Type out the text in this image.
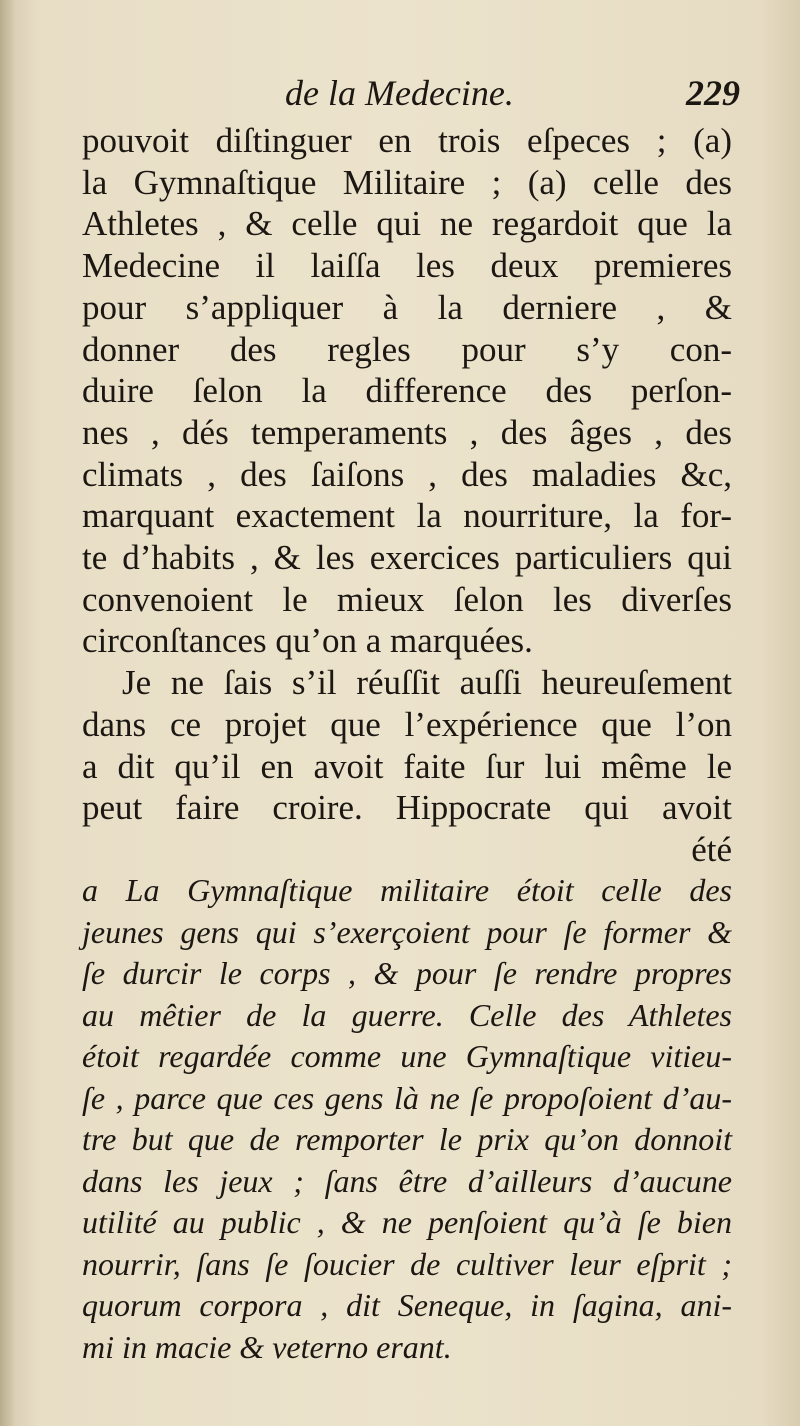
de la Medecine.	229
pouvoit diſtinguer en trois eſpeces ; (a)
la Gymnaſtique Militaire ; (a) celle des
Athletes , & celle qui ne regardoit que la
Medecine il laiſſa les deux premieres
pour s’appliquer à la derniere , &
donner des regles pour s’y con-
duire ſelon la difference des perſon-
nes , dés temperaments , des âges , des
climats , des ſaiſons , des maladies &c,
marquant exactement la nourriture, la for-
te d’habits , & les exercices particuliers qui
convenoient le mieux ſelon les diverſes
circonſtances qu’on a marquées.
Je ne ſais s’il réuſſit auſſi heureuſement
dans ce projet que l’expérience que l’on
a dit qu’il en avoit faite ſur lui même le
peut faire croire. Hippocrate qui avoit
été
a La Gymnaſtique militaire étoit celle des
jeunes gens qui s’exerçoient pour ſe former &
ſe durcir le corps , & pour ſe rendre propres
au mêtier de la guerre. Celle des Athletes
étoit regardée comme une Gymnaſtique vitieu-
ſe , parce que ces gens là ne ſe propoſoient d’au-
tre but que de remporter le prix qu’on donnoit
dans les jeux ; ſans être d’ailleurs d’aucune
utilité au public , & ne penſoient qu’à ſe bien
nourrir, ſans ſe ſoucier de cultiver leur eſprit ;
quorum corpora , dit Seneque, in ſagina, ani-
mi in macie & veterno erant.
